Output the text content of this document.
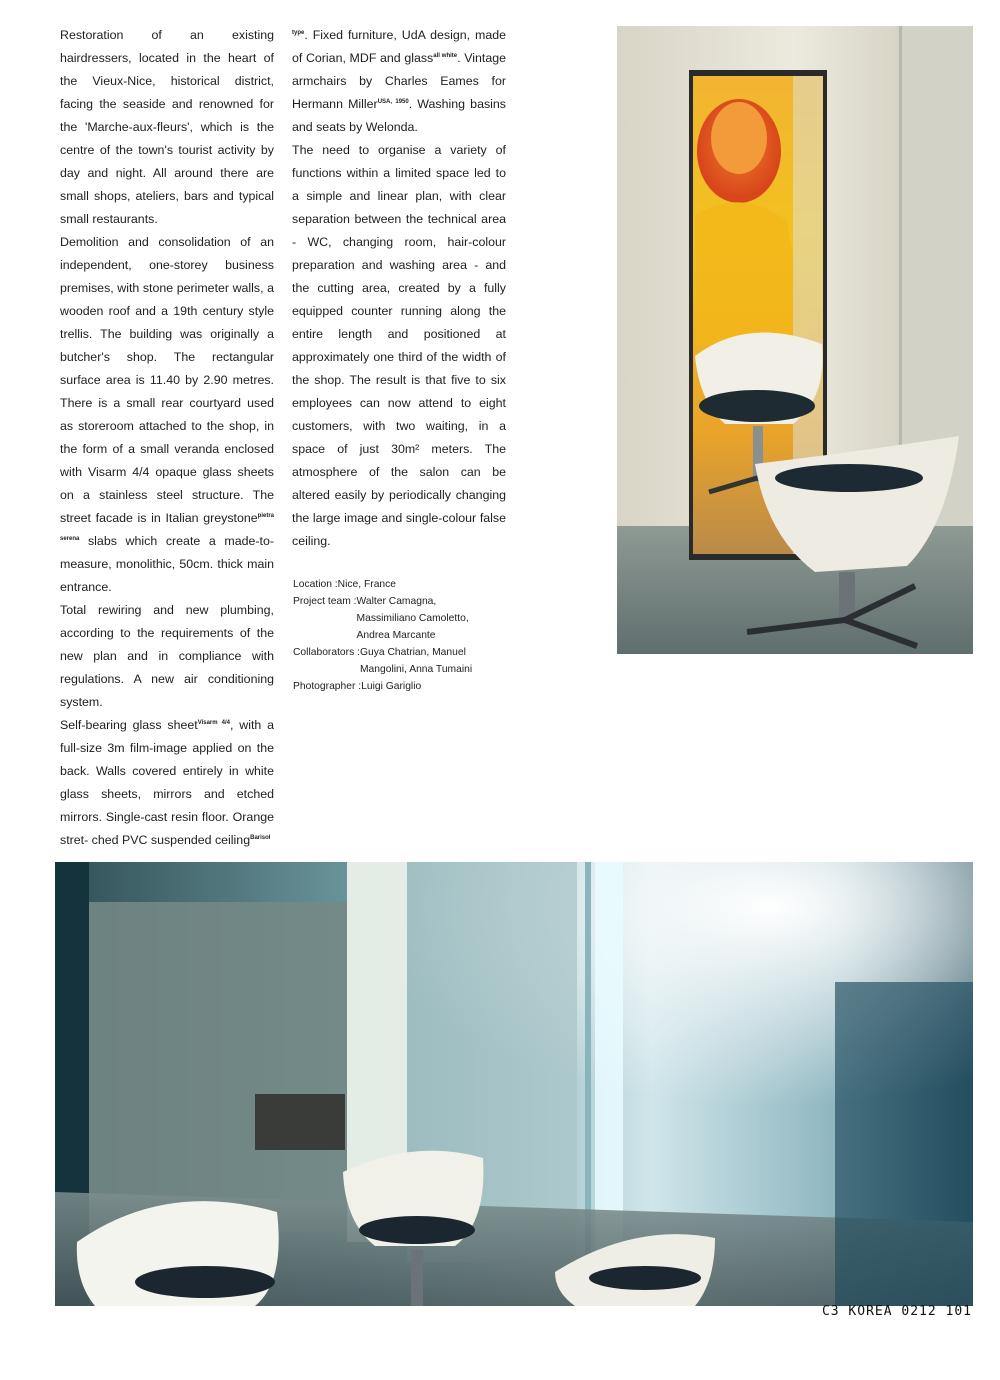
Restoration of an existing hairdressers, located in the heart of the Vieux-Nice, historical district, facing the seaside and renowned for the 'Marche-aux-fleurs', which is the centre of the town's tourist activity by day and night. All around there are small shops, ateliers, bars and typical small restaurants.

Demolition and consolidation of an independent, one-storey business premises, with stone perimeter walls, a wooden roof and a 19th century style trellis. The building was originally a butcher's shop. The rectangular surface area is 11.40 by 2.90 metres. There is a small rear courtyard used as storeroom attached to the shop, in the form of a small veranda enclosed with Visarm 4/4 opaque glass sheets on a stainless steel structure. The street facade is in Italian greystone$^{pietra serena}$ slabs which create a made-to-measure, monolithic, 50cm. thick main entrance.

Total rewiring and new plumbing, according to the requirements of the new plan and in compliance with regulations. A new air conditioning system.

Self-bearing glass sheet$^{Visarm 4/4}$, with a full-size 3m film-image applied on the back. Walls covered entirely in white glass sheets, mirrors and etched mirrors. Single-cast resin floor. Orange stret- ched PVC suspended ceiling$^{Barisol}$

$^{type}$. Fixed furniture, UdA design, made of Corian, MDF and glass$^{all white}$. Vintage armchairs by Charles Eames for Hermann Miller$^{USA, 1950}$. Washing basins and seats by Welonda.

The need to organise a variety of functions within a limited space led to a simple and linear plan, with clear separation between the technical area - WC, changing room, hair-colour preparation and washing area - and the cutting area, created by a fully equipped counter running along the entire length and positioned at approximately one third of the width of the shop. The result is that five to six employees can now attend to eight customers, with two waiting, in a space of just 30m² meters. The atmosphere of the salon can be altered easily by periodically changing the large image and single-colour false ceiling.

Location : Nice, France
Project team : Walter Camagna,
Massimiliano Camoletto,
Andrea Marcante
Collaborators : Guya Chatrian, Manuel
Mangolini, Anna Tumaini
Photographer : Luigi Gariglio
C3 KOREA 0212 101
